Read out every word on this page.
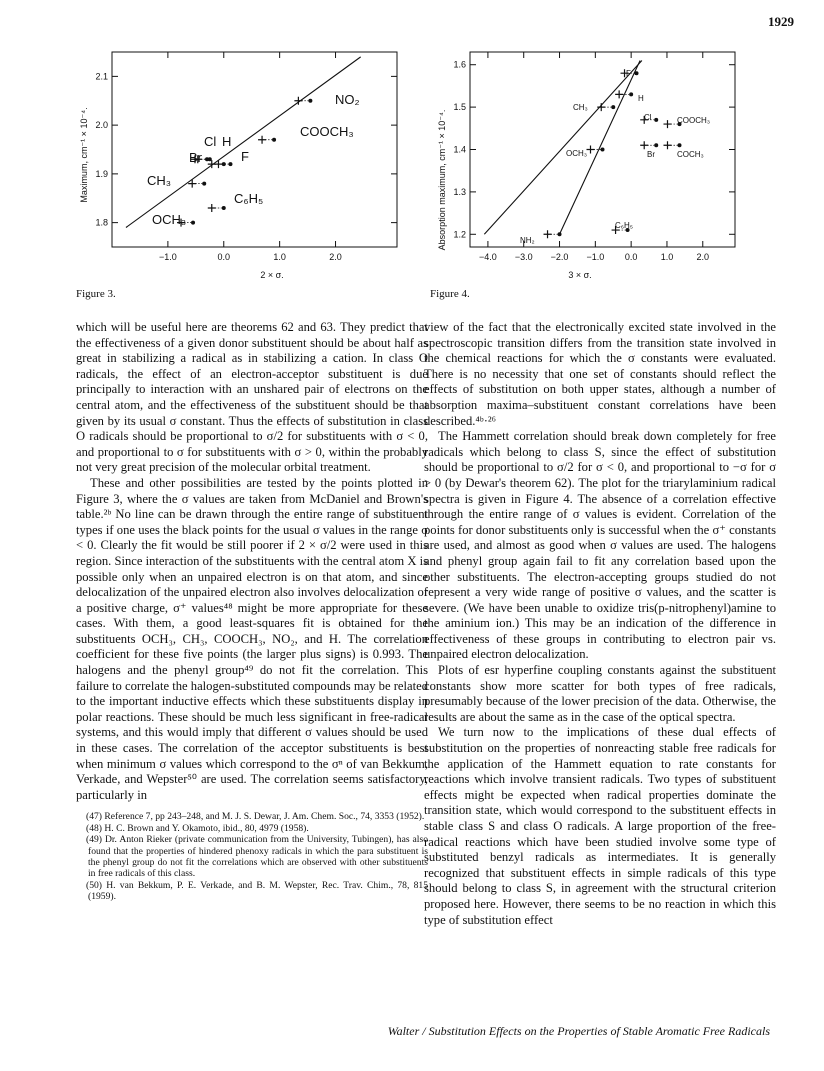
1929
−1.0	0.0	1.0	2.0
1.8
1.9
2.0
2.1
Maximum, cm⁻¹ × 10⁻⁴.
2 × σ.
NO₂
COOCH₃
Cl H
Br	F
CH₃
C₆H₅
OCH₃
Figure 3.
−4.0 −3.0 −2.0 −1.0 0.0	1.0	2.0
1.2
1.3
1.4
1.5
1.6
Absorption maximum, cm⁻¹ × 10⁻⁴.
3 × σ.
F
H
CH₃
Cl	COOCH₃
OCH₃	Br	COCH₃
C₆H₅
NH₂
Figure 4.

which will be useful here are theorems 62 and 63. They predict that the effectiveness of a given donor substituent should be about half as great in stabilizing a radical as in stabilizing a cation. In class O radicals, the effect of an electron-acceptor substituent is due principally to interaction with an unshared pair of electrons on the central atom, and the effectiveness of the substituent should be that given by its usual σ constant. Thus the effects of substitution in class O radicals should be proportional to σ/2 for substituents with σ < 0, and proportional to σ for substituents with σ > 0, within the probably not very great precision of the molecular orbital treatment.

These and other possibilities are tested by the points plotted in Figure 3, where the σ values are taken from McDaniel and Brown's table.²ᵇ No line can be drawn through the entire range of substituent types if one uses the black points for the usual σ values in the range σ < 0. Clearly the fit would be still poorer if 2 × σ/2 were used in this region. Since interaction of the substituents with the central atom X is possible only when an unpaired electron is on that atom, and since delocalization of the unpaired electron also involves delocalization of a positive charge, σ⁺ values⁴⁸ might be more appropriate for these cases. With them, a good least-squares fit is obtained for the substituents OCH₃, CH₃, COOCH₃, NO₂, and H. The correlation coefficient for these five points (the larger plus signs) is 0.993. The halogens and the phenyl group⁴⁹ do not fit the correlation. This failure to correlate the halogen-substituted compounds may be related to the important inductive effects which these substituents display in polar reactions. These should be much less significant in free-radical systems, and this would imply that different σ values should be used in these cases. The correlation of the acceptor substituents is best when minimum σ values which correspond to the σⁿ of van Bekkum, Verkade, and Wepster⁵⁰ are used. The correlation seems satisfactory, particularly in

(47) Reference 7, pp 243–248, and M. J. S. Dewar, J. Am. Chem. Soc., 74, 3353 (1952).

(48) H. C. Brown and Y. Okamoto, ibid., 80, 4979 (1958).

(49) Dr. Anton Rieker (private communication from the University, Tubingen), has also found that the properties of hindered phenoxy radicals in which the para substituent is the phenyl group do not fit the correlations which are observed with other substituents in free radicals of this class.

(50) H. van Bekkum, P. E. Verkade, and B. M. Wepster, Rec. Trav. Chim., 78, 815 (1959).

view of the fact that the electronically excited state involved in the spectroscopic transition differs from the transition state involved in the chemical reactions for which the σ constants were evaluated. There is no necessity that one set of constants should reflect the effects of substitution on both upper states, although a number of absorption maxima–substituent constant correlations have been described.⁴ᵇ·²⁶

The Hammett correlation should break down completely for free radicals which belong to class S, since the effect of substitution should be proportional to σ/2 for σ < 0, and proportional to −σ for σ > 0 (by Dewar's theorem 62). The plot for the triarylaminium radical spectra is given in Figure 4. The absence of a correlation effective through the entire range of σ values is evident. Correlation of the points for donor substituents only is successful when the σ⁺ constants are used, and almost as good when σ values are used. The halogens and phenyl group again fail to fit any correlation based upon the other substituents. The electron-accepting groups studied do not represent a very wide range of positive σ values, and the scatter is severe. (We have been unable to oxidize tris(p-nitrophenyl)amine to the aminium ion.) This may be an indication of the difference in effectiveness of these groups in contributing to electron pair vs. unpaired electron delocalization.

Plots of esr hyperfine coupling constants against the substituent constants show more scatter for both types of free radicals, presumably because of the lower precision of the data. Otherwise, the results are about the same as in the case of the optical spectra.

We turn now to the implications of these dual effects of substitution on the properties of nonreacting stable free radicals for the application of the Hammett equation to rate constants for reactions which involve transient radicals. Two types of substituent effects might be expected when radical properties dominate the transition state, which would correspond to the substituent effects in stable class S and class O radicals. A large proportion of the free-radical reactions which have been studied involve some type of substituted benzyl radicals as intermediates. It is generally recognized that substituent effects in simple radicals of this type should belong to class S, in agreement with the structural criterion proposed here. However, there seems to be no reaction in which this type of substitution effect

Walter / Substitution Effects on the Properties of Stable Aromatic Free Radicals
